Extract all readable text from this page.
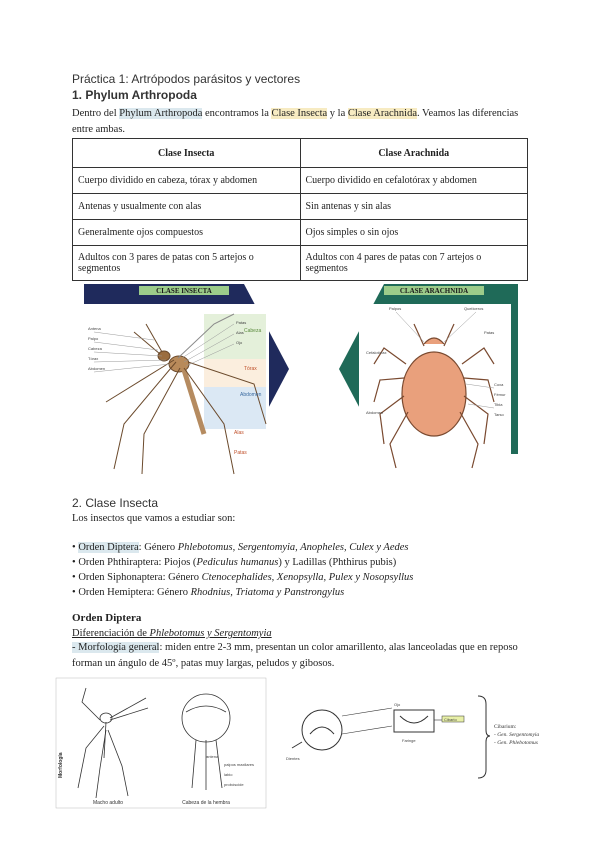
Práctica 1: Artrópodos parásitos y vectores
1. Phylum Arthropoda
Dentro del Phylum Arthropoda encontramos la Clase Insecta y la Clase Arachnida. Veamos las diferencias
entre ambas.
Clase Insecta	Clase Arachnida
Cuerpo dividido en cabeza, tórax y abdomen	Cuerpo dividido en cefalotórax y abdomen
Antenas y usualmente con alas	Sin antenas y sin alas
Generalmente ojos compuestos	Ojos simples o sin ojos
Adultos con 3 pares de patas con 5 artejos o segmentos	Adultos con 4 pares de patas con 7 artejos o segmentos
Antena
Palpo
Cabeza
Tórax
Abdomen
Patas
Alas
Ojo
Cabeza
Tórax
Abdomen
Alas
Patas
CLASE INSECTA
Palpos	Quelíceros
Cefalotórax
Abdomen
Patas
Coxa
Fémur
Tibia
Tarso
CLASE ARACHNIDA
2. Clase Insecta
Los insectos que vamos a estudiar son:
• Orden Diptera: Género Phlebotomus, Sergentomyia, Anopheles, Culex y Aedes
• Orden Phthiraptera: Piojos (Pediculus humanus) y Ladillas (Phthirus pubis)
• Orden Siphonaptera: Género Ctenocephalides, Xenopsylla, Pulex y Nosopsyllus
• Orden Hemiptera: Género Rhodnius, Triatoma y Panstrongylus
Orden Diptera
Diferenciación de Phlebotomus y Sergentomyia
- Morfología general: miden entre 2-3 mm, presentan un color amarillento, alas lanceoladas que en reposo
forman un ángulo de 45º, patas muy largas, peludos y gibosos.
Morfología	antena
palpos maxilares
labio
probóscide
Macho adulto	Cabeza de la hembra
Ojo
Cibario
Faringe
Dientes
Cibarium:
- Gen. Sergentomyia
- Gen. Phlebotomus
